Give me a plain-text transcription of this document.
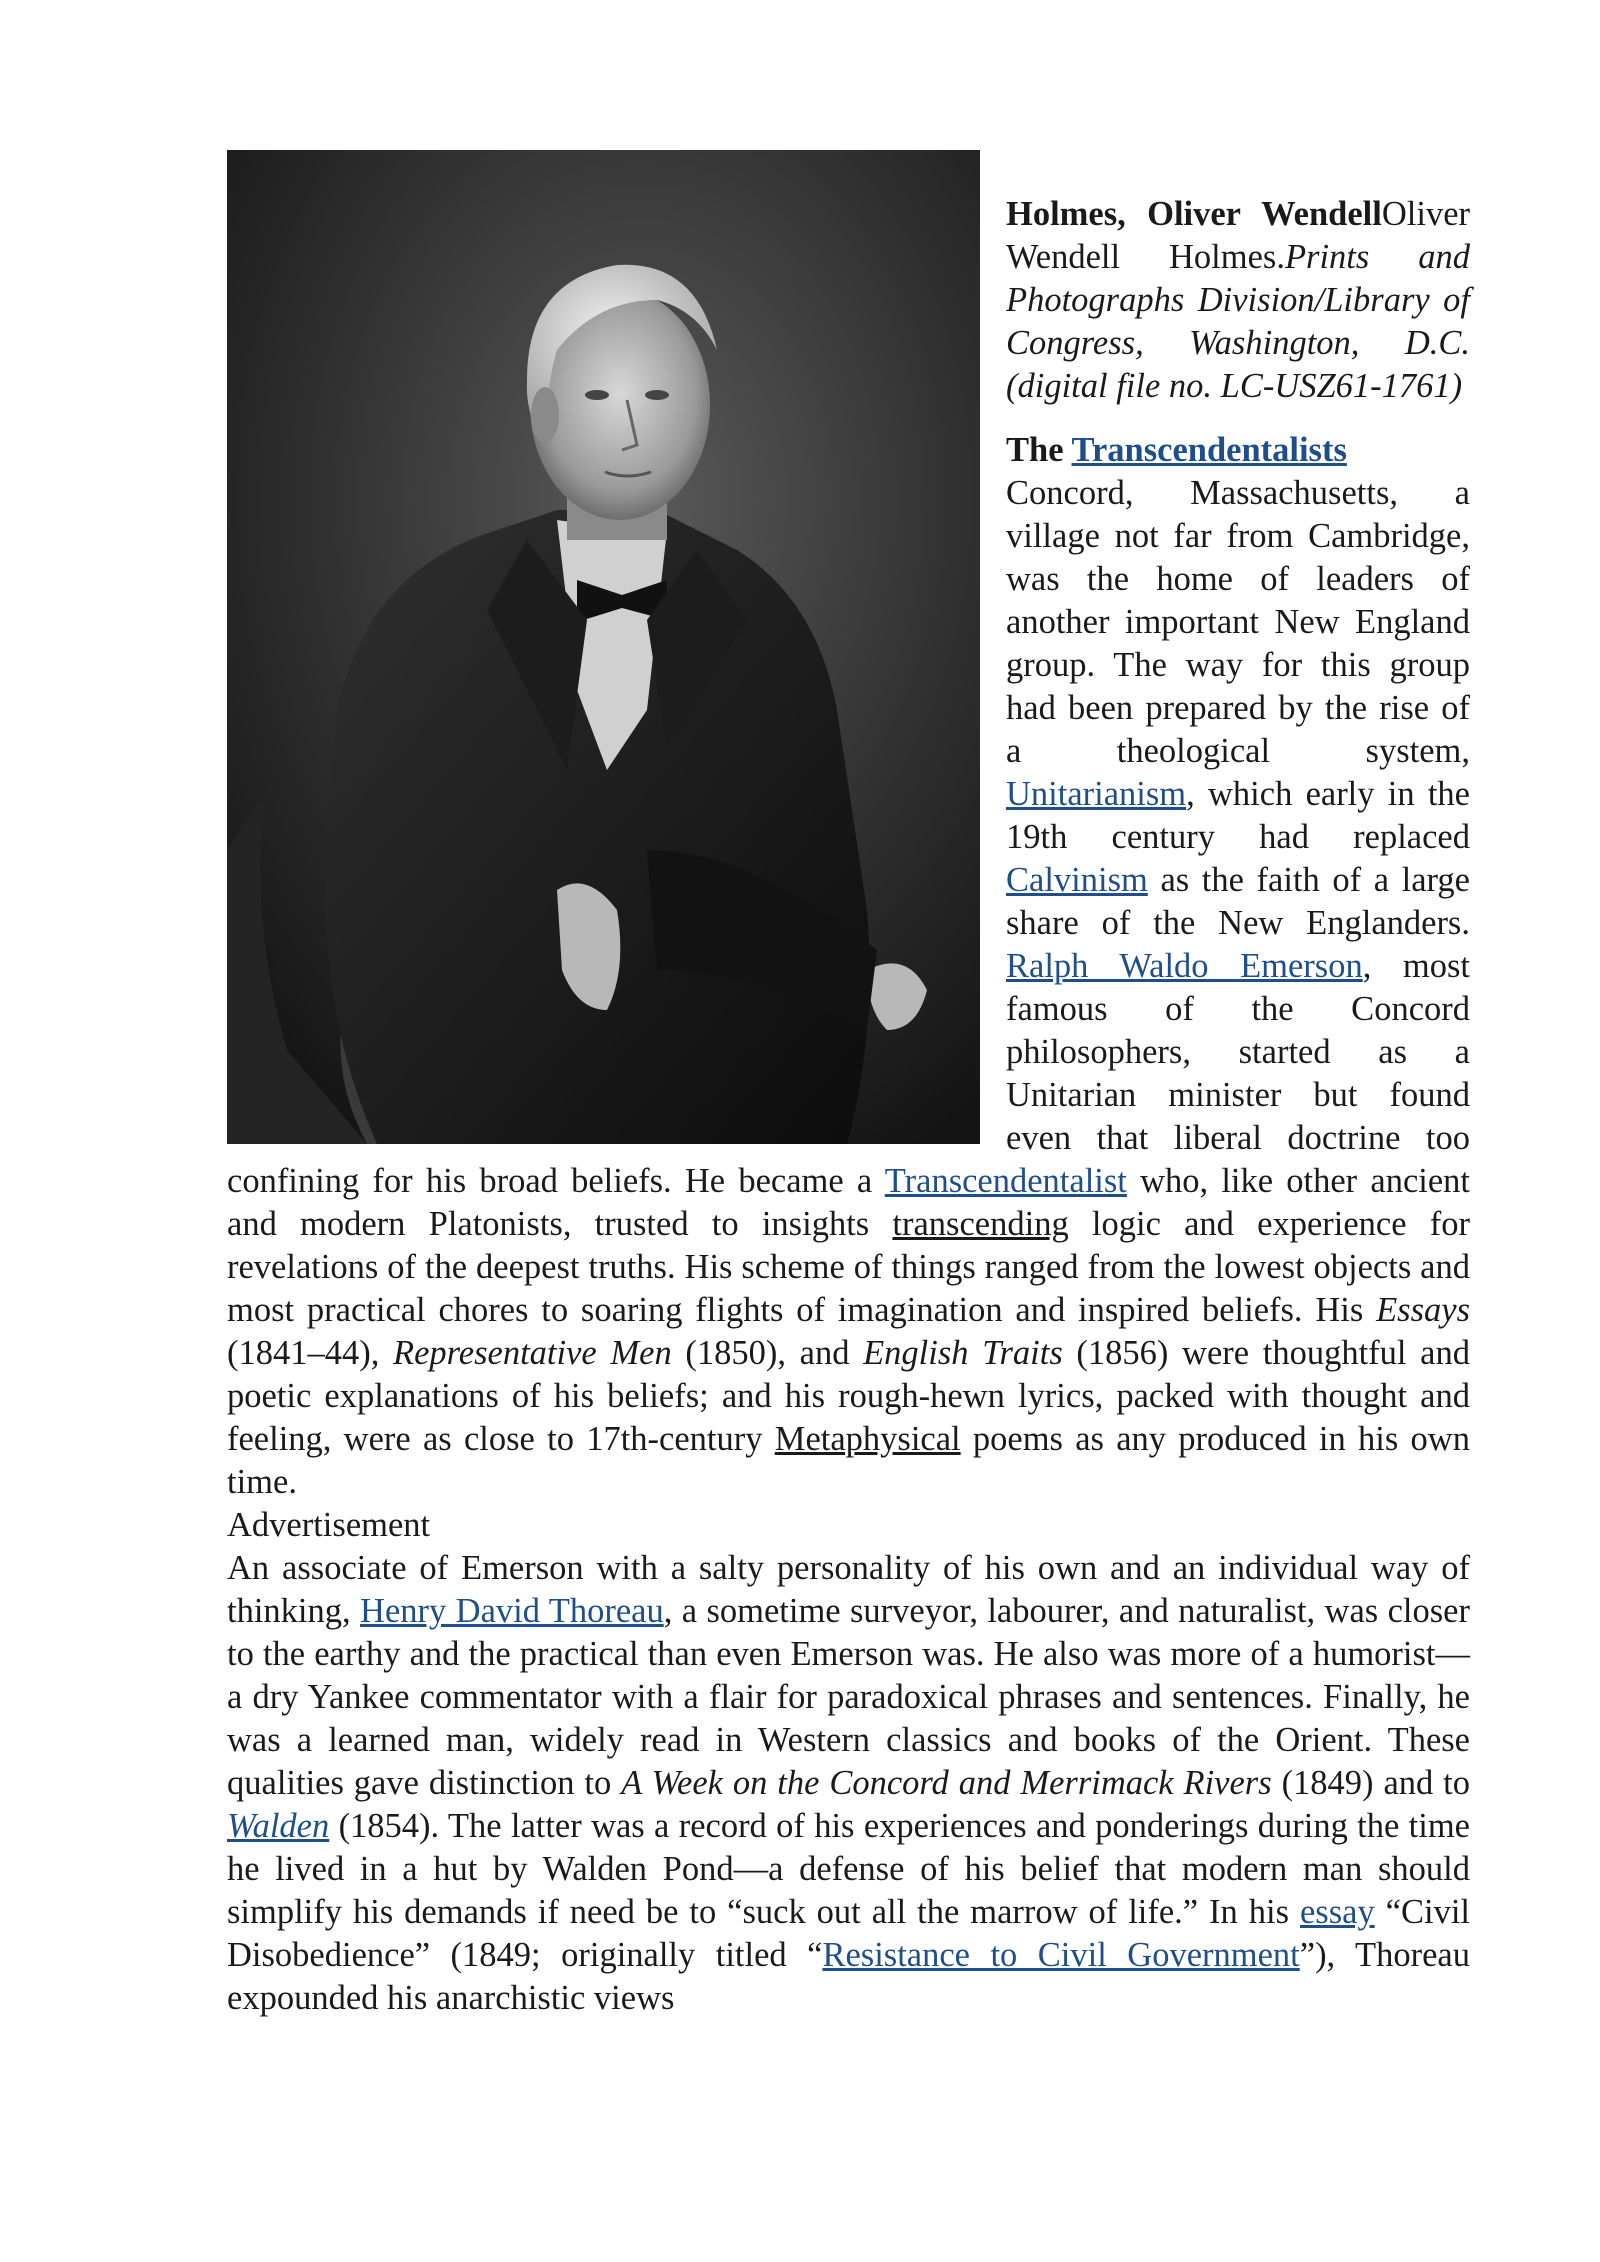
Holmes, Oliver WendellOliver Wendell Holmes.Prints and Photographs Division/Library of Congress, Washington, D.C. (digital file no. LC-USZ61-1761)
The Transcendentalists

Concord, Massachusetts, a village not far from Cambridge, was the home of leaders of another important New England group. The way for this group had been prepared by the rise of a theological system, Unitarianism, which early in the 19th century had replaced Calvinism as the faith of a large share of the New Englanders. Ralph Waldo Emerson, most famous of the Concord philosophers, started as a Unitarian minister but found even that liberal doctrine too confining for his broad beliefs. He became a Transcendentalist who, like other ancient and modern Platonists, trusted to insights transcending logic and experience for revelations of the deepest truths. His scheme of things ranged from the lowest objects and most practical chores to soaring flights of imagination and inspired beliefs. His Essays (1841–44), Representative Men (1850), and English Traits (1856) were thoughtful and poetic explanations of his beliefs; and his rough-hewn lyrics, packed with thought and feeling, were as close to 17th-century Metaphysical poems as any produced in his own time.

Advertisement

An associate of Emerson with a salty personality of his own and an individual way of thinking, Henry David Thoreau, a sometime surveyor, labourer, and naturalist, was closer to the earthy and the practical than even Emerson was. He also was more of a humorist—a dry Yankee commentator with a flair for paradoxical phrases and sentences. Finally, he was a learned man, widely read in Western classics and books of the Orient. These qualities gave distinction to A Week on the Concord and Merrimack Rivers (1849) and to Walden (1854). The latter was a record of his experiences and ponderings during the time he lived in a hut by Walden Pond—a defense of his belief that modern man should simplify his demands if need be to “suck out all the marrow of life.” In his essay “Civil Disobedience” (1849; originally titled “Resistance to Civil Government”), Thoreau expounded his anarchistic views
